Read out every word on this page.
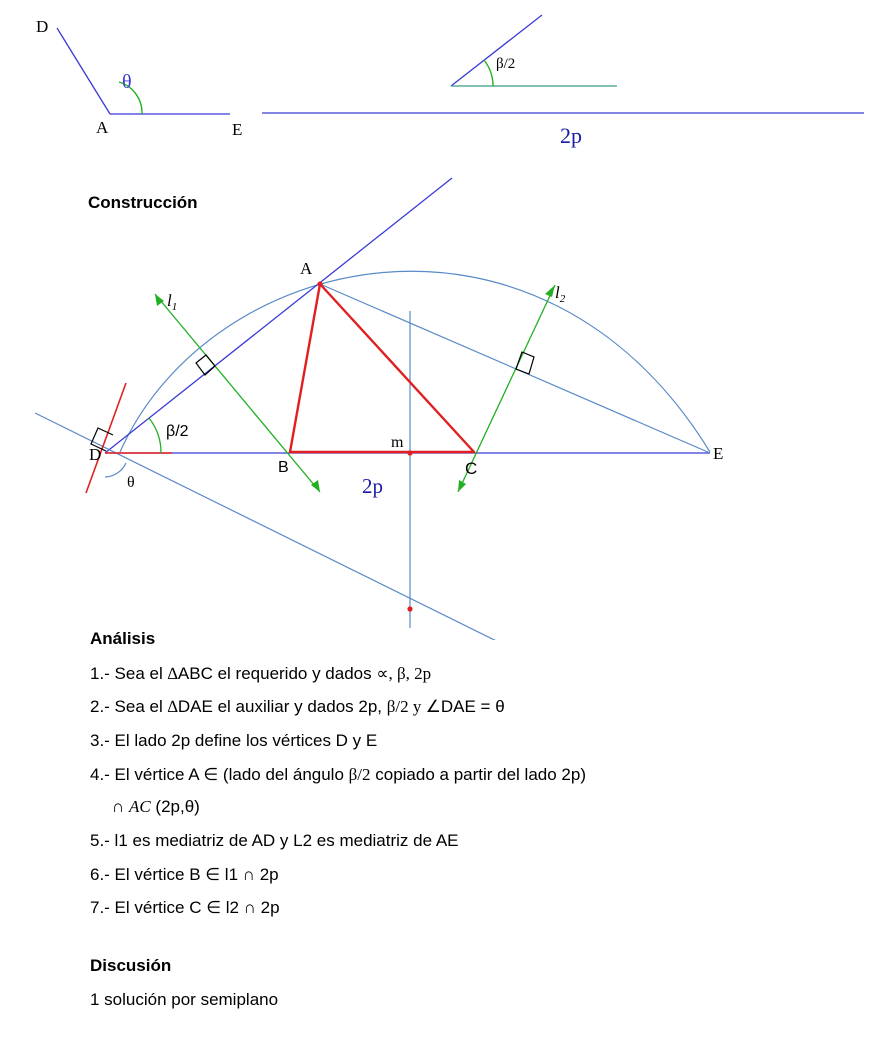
D
A	E
θ
β/2
2p
A
B	C
D	E
m
$l_1$
$l_2$
β/2
θ	2p
Construcción
Análisis
1.- Sea el ∆ABC el requerido y dados ∝, β, 2p
2.- Sea el ∆DAE el auxiliar y dados 2p, β/2 y ∠DAE = θ
3.- El lado 2p define los vértices D y E
4.- El vértice A ∈ (lado del ángulo β/2 copiado a partir del lado 2p)
∩ AC (2p,θ)
5.- l1 es mediatriz de AD y L2 es mediatriz de AE
6.- El vértice B ∈ l1 ∩ 2p
7.- El vértice C ∈ l2 ∩ 2p
Discusión
1 solución por semiplano
